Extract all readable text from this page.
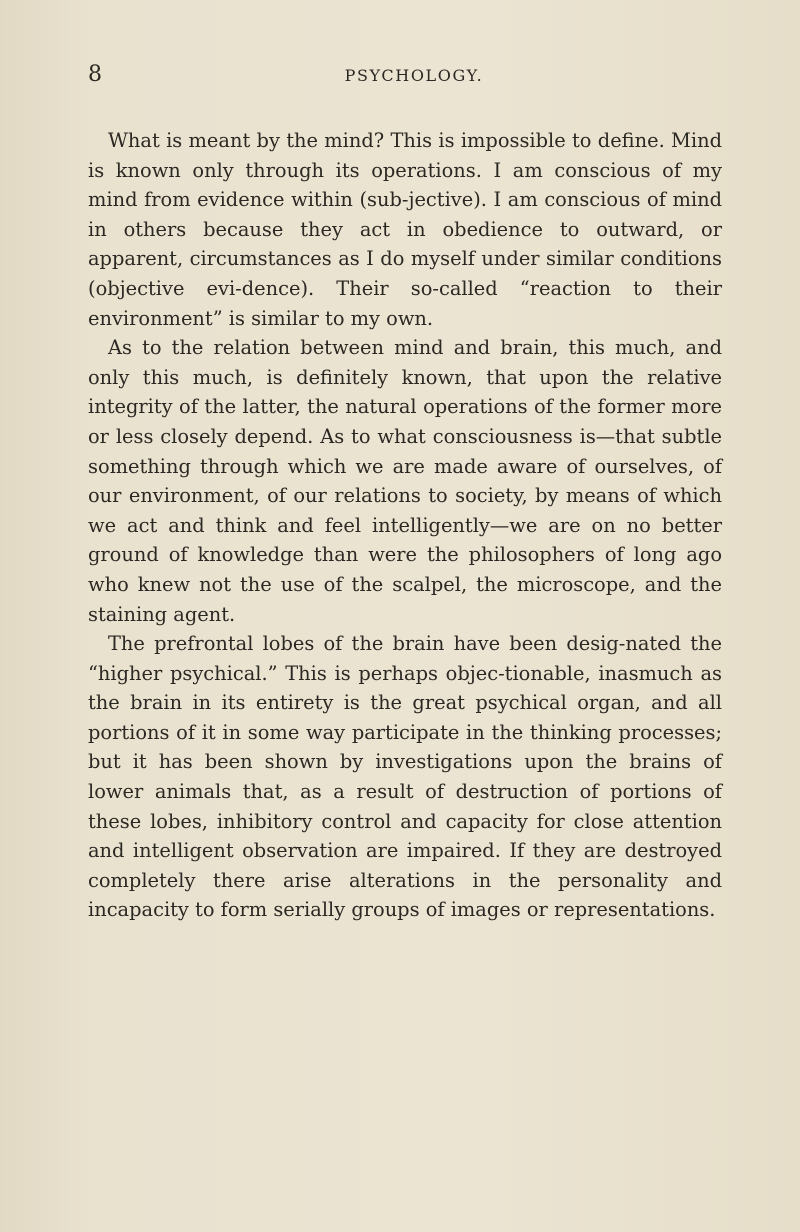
8	PSYCHOLOGY.

What is meant by the mind? This is impossible to define. Mind is known only through its operations. I am conscious of my mind from evidence within (sub-jective). I am conscious of mind in others because they act in obedience to outward, or apparent, circumstances as I do myself under similar conditions (objective evi-dence). Their so-called “reaction to their environment” is similar to my own.

As to the relation between mind and brain, this much, and only this much, is definitely known, that upon the relative integrity of the latter, the natural operations of the former more or less closely depend. As to what consciousness is—that subtle something through which we are made aware of ourselves, of our environment, of our relations to society, by means of which we act and think and feel intelligently—we are on no better ground of knowledge than were the philosophers of long ago who knew not the use of the scalpel, the microscope, and the staining agent.

The prefrontal lobes of the brain have been desig-nated the “higher psychical.” This is perhaps objec-tionable, inasmuch as the brain in its entirety is the great psychical organ, and all portions of it in some way participate in the thinking processes; but it has been shown by investigations upon the brains of lower animals that, as a result of destruction of portions of these lobes, inhibitory control and capacity for close attention and intelligent observation are impaired. If they are destroyed completely there arise alterations in the personality and incapacity to form serially groups of images or representations.
